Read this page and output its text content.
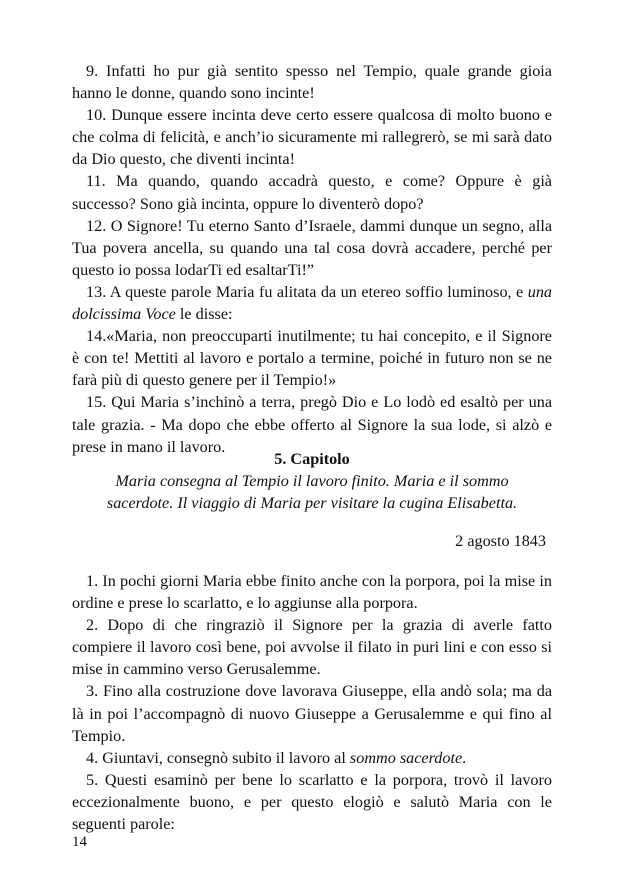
9. Infatti ho pur già sentito spesso nel Tempio, quale grande gioia hanno le donne, quando sono incinte!

10. Dunque essere incinta deve certo essere qualcosa di molto buono e che colma di felicità, e anch’io sicuramente mi rallegrerò, se mi sarà dato da Dio questo, che diventi incinta!

11. Ma quando, quando accadrà questo, e come? Oppure è già successo? Sono già incinta, oppure lo diventerò dopo?

12. O Signore! Tu eterno Santo d’Israele, dammi dunque un segno, alla Tua povera ancella, su quando una tal cosa dovrà accadere, perché per questo io possa lodarTi ed esaltarTi!”

13. A queste parole Maria fu alitata da un etereo soffio luminoso, e una dolcissima Voce le disse:

14.«Maria, non preoccuparti inutilmente; tu hai concepito, e il Signore è con te! Mettiti al lavoro e portalo a termine, poiché in futuro non se ne farà più di questo genere per il Tempio!»

15. Qui Maria s’inchinò a terra, pregò Dio e Lo lodò ed esaltò per una tale grazia. - Ma dopo che ebbe offerto al Signore la sua lode, si alzò e prese in mano il lavoro.

5. Capitolo

Maria consegna al Tempio il lavoro finito. Maria e il sommo

sacerdote. Il viaggio di Maria per visitare la cugina Elisabetta.

2 agosto 1843

1. In pochi giorni Maria ebbe finito anche con la porpora, poi la mise in ordine e prese lo scarlatto, e lo aggiunse alla porpora.

2. Dopo di che ringraziò il Signore per la grazia di averle fatto compiere il lavoro così bene, poi avvolse il filato in puri lini e con esso si mise in cammino verso Gerusalemme.

3. Fino alla costruzione dove lavorava Giuseppe, ella andò sola; ma da là in poi l’accompagnò di nuovo Giuseppe a Gerusalemme e qui fino al Tempio.

4. Giuntavi, consegnò subito il lavoro al sommo sacerdote.

5. Questi esaminò per bene lo scarlatto e la porpora, trovò il lavoro eccezionalmente buono, e per questo elogiò e salutò Maria con le seguenti parole:

14
